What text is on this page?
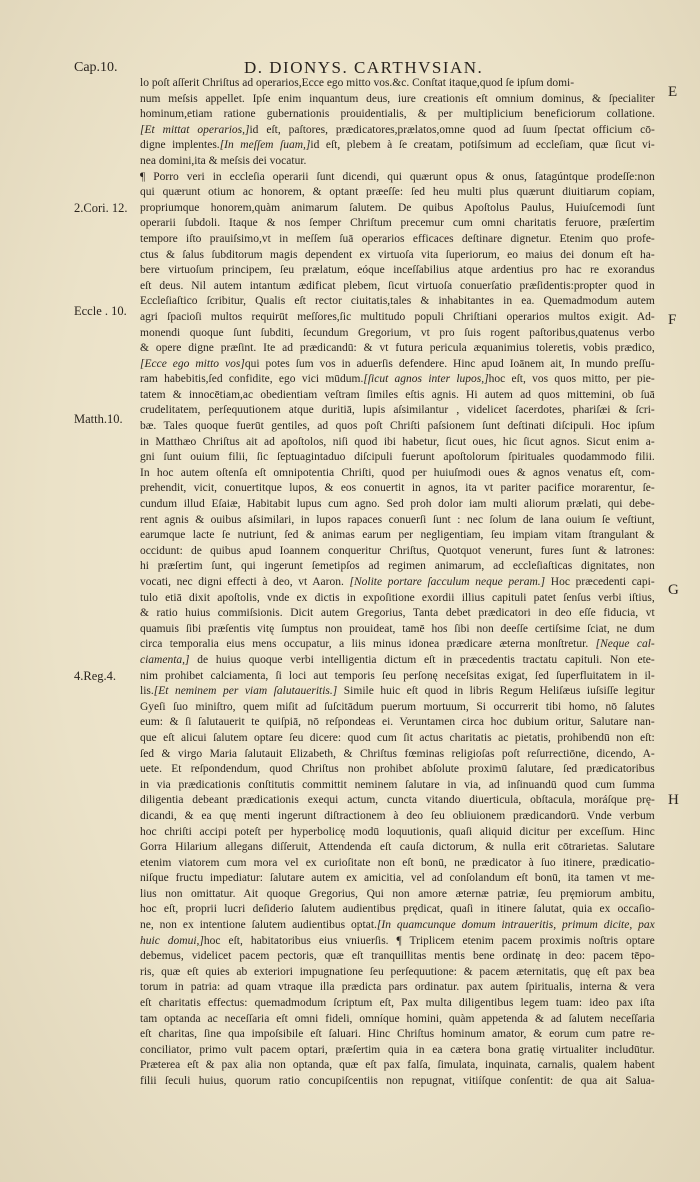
Cap.10.	D. DIONYS. CARTHVSIAN.
2.Cori. 12.
Eccle . 10.
Matth.10.
4.Reg.4.
E
F
G
H
lo poſt aſſerit Chriſtus ad operarios,Ecce ego mitto vos.&c. Conſtat itaque,quod ſe ipſum domi-
num meſsis appellet. Ipſe enim inquantum deus, iure creationis eſt omnium dominus, & ſpecialiter
hominum,etiam ratione gubernationis prouidentialis, & per multiplicium beneficiorum collatione.
[Et mittat operarios,]id eſt, paſtores, prædicatores,prælatos,omne quod ad ſuum ſpectat officium cō-
digne implentes.[In meſſem ſuam,]id eſt, plebem à ſe creatam, potiſsimum ad eccleſiam, quæ ſicut vi-
nea domini,ita & meſsis dei vocatur.
¶ Porro veri in eccleſia operarii ſunt dicendi, qui quærunt opus & onus, ſatagúntque prodeſſe:non
qui quærunt otium ac honorem, & optant præeſſe: ſed heu multi plus quærunt diuitiarum copiam,
propriumque honorem,quàm animarum ſalutem. De quibus Apoſtolus Paulus, Huiuſcemodi ſunt
operarii ſubdoli. Itaque & nos ſemper Chriſtum precemur cum omni charitatis feruore, præſertim
tempore iſto prauiſsimo,vt in meſſem ſuā operarios efficaces deſtinare dignetur. Etenim quo profe-
ctus & ſalus ſubditorum magis dependent ex virtuoſa vita ſuperiorum, eo maius dei donum eſt ha-
bere virtuoſum principem, ſeu prælatum, eóque inceſſabilius atque ardentius pro hac re exorandus
eſt deus. Nil autem intantum ædificat plebem, ſicut virtuoſa conuerſatio præſidentis:propter quod in
Eccleſiaſtico ſcribitur, Qualis eſt rector ciuitatis,tales & inhabitantes in ea. Quemadmodum autem
agri ſpacioſi multos requirūt meſſores,ſic multitudo populi Chriſtiani operarios multos exigit. Ad-
monendi quoque ſunt ſubditi, ſecundum Gregorium, vt pro ſuis rogent paſtoribus,quatenus verbo
& opere digne præſint. Ite ad prædicandū: & vt futura pericula æquanimius toleretis, vobis prædico,
[Ecce ego mitto vos]qui potes ſum vos in aduerſis defendere. Hinc apud Ioānem ait, In mundo preſſu-
ram habebitis,ſed confidite, ego vici mūdum.[ſicut agnos inter lupos,]hoc eſt, vos quos mitto, per pie-
tatem & innocētiam,ac obedientiam veſtram ſimiles eſtis agnis. Hi autem ad quos mittemini, ob ſuā
crudelitatem, perſequutionem atque duritiā, lupis aſsimilantur , videlicet ſacerdotes, phariſæi & ſcri-
bæ. Tales quoque fuerūt gentiles, ad quos poſt Chriſti paſsionem ſunt deſtinati diſcipuli. Hoc ipſum
in Matthæo Chriſtus ait ad apoſtolos, niſi quod ibi habetur, ſicut oues, hic ſicut agnos. Sicut enim a-
gni ſunt ouium filii, ſic ſeptuagintaduo diſcipuli fuerunt apoſtolorum ſpirituales quodammodo filii.
In hoc autem oſtenſa eſt omnipotentia Chriſti, quod per huiuſmodi oues & agnos venatus eſt, com-
prehendit, vicit, conuertitque lupos, & eos conuertit in agnos, ita vt pariter pacifice morarentur, ſe-
cundum illud Eſaiæ, Habitabit lupus cum agno. Sed proh dolor iam multi aliorum prælati, qui debe-
rent agnis & ouibus aſsimilari, in lupos rapaces conuerſi ſunt : nec ſolum de lana ouium ſe veſtiunt,
earumque lacte ſe nutriunt, ſed & animas earum per negligentiam, ſeu impiam vitam ſtrangulant &
occidunt: de quibus apud Ioannem conqueritur Chriſtus, Quotquot venerunt, fures ſunt & latrones:
hi præſertim ſunt, qui ingerunt ſemetipſos ad regimen animarum, ad eccleſiaſticas dignitates, non
vocati, nec digni effecti à deo, vt Aaron. [Nolite portare ſacculum neque peram.] Hoc præcedenti capi-
tulo etiā dixit apoſtolis, vnde ex dictis in expoſitione exordii illius capituli patet ſenſus verbi iſtius,
& ratio huius commiſsionis. Dicit autem Gregorius, Tanta debet prædicatori in deo eſſe fiducia, vt
quamuis ſibi præſentis vitę ſumptus non prouideat, tamē hos ſibi non deeſſe certiſsime ſciat, ne dum
circa temporalia eius mens occupatur, a liis minus idonea prædicare æterna monſtretur. [Neque cal-
ciamenta,] de huius quoque verbi intelligentia dictum eſt in præcedentis tractatu capituli. Non ete-
nim prohibet calciamenta, ſi loci aut temporis ſeu perſonę neceſsitas exigat, ſed ſuperfluitatem in il-
lis.[Et neminem per viam ſalutaueritis.] Simile huic eſt quod in libris Regum Heliſæus iuſsiſſe legitur
Gyeſi ſuo miniſtro, quem miſit ad ſuſcitādum puerum mortuum, Si occurrerit tibi homo, nō ſalutes
eum: & ſi ſalutauerit te quiſpiā, nō reſpondeas ei. Veruntamen circa hoc dubium oritur, Salutare nan-
que eſt alicui ſalutem optare ſeu dicere: quod cum ſit actus charitatis ac pietatis, prohibendū non eſt:
ſed & virgo Maria ſalutauit Elizabeth, & Chriſtus fœminas religioſas poſt reſurrectiōne, dicendo, A-
uete. Et reſpondendum, quod Chriſtus non prohibet abſolute proximū ſalutare, ſed prædicatoribus
in via prædicationis conſtitutis committit neminem ſalutare in via, ad inſinuandū quod cum ſumma
diligentia debeant prædicationis exequi actum, cuncta vitando diuerticula, obſtacula, moráſque prę-
dicandi, & ea quę menti ingerunt diſtractionem à deo ſeu obliuionem prædicandorū. Vnde verbum
hoc chriſti accipi poteſt per hyperbolicę modū loquutionis, quaſi aliquid dicitur per exceſſum. Hinc
Gorra Hilarium allegans diſſeruit, Attendenda eſt cauſa dictorum, & nulla erit cōtrarietas. Salutare
etenim viatorem cum mora vel ex curioſitate non eſt bonū, ne prædicator à ſuo itinere, prædicatio-
niſque fructu impediatur: ſalutare autem ex amicitia, vel ad conſolandum eſt bonū, ita tamen vt me-
lius non omittatur. Ait quoque Gregorius, Qui non amore æternæ patriæ, ſeu pręmiorum ambitu,
hoc eſt, proprii lucri deſiderio ſalutem audientibus prędicat, quaſi in itinere ſalutat, quia ex occaſio-
ne, non ex intentione ſalutem audientibus optat.[In quamcunque domum intraueritis, primum dicite, pax
huic domui,]hoc eſt, habitatoribus eius vniuerſis. ¶ Triplicem etenim pacem proximis noſtris optare
debemus, videlicet pacem pectoris, quæ eſt tranquillitas mentis bene ordinatę in deo: pacem tēpo-
ris, quæ eſt quies ab exteriori impugnatione ſeu perſequutione: & pacem æternitatis, quę eſt pax bea
torum in patria: ad quam vtraque illa prædicta pars ordinatur. pax autem ſpiritualis, interna & vera
eſt charitatis effectus: quemadmodum ſcriptum eſt, Pax multa diligentibus legem tuam: ideo pax iſta
tam optanda ac neceſſaria eſt omni fideli, omníque homini, quàm appetenda & ad ſalutem neceſſaria
eſt charitas, ſine qua impoſsibile eſt ſaluari. Hinc Chriſtus hominum amator, & eorum cum patre re-
conciliator, primo vult pacem optari, præſertim quia in ea cætera bona gratię virtualiter includūtur.
Præterea eſt & pax alia non optanda, quæ eſt pax falſa, ſimulata, inquinata, carnalis, qualem habent
filii ſeculi huius, quorum ratio concupiſcentiis non repugnat, vitiíſque conſentit: de qua ait Salua-
